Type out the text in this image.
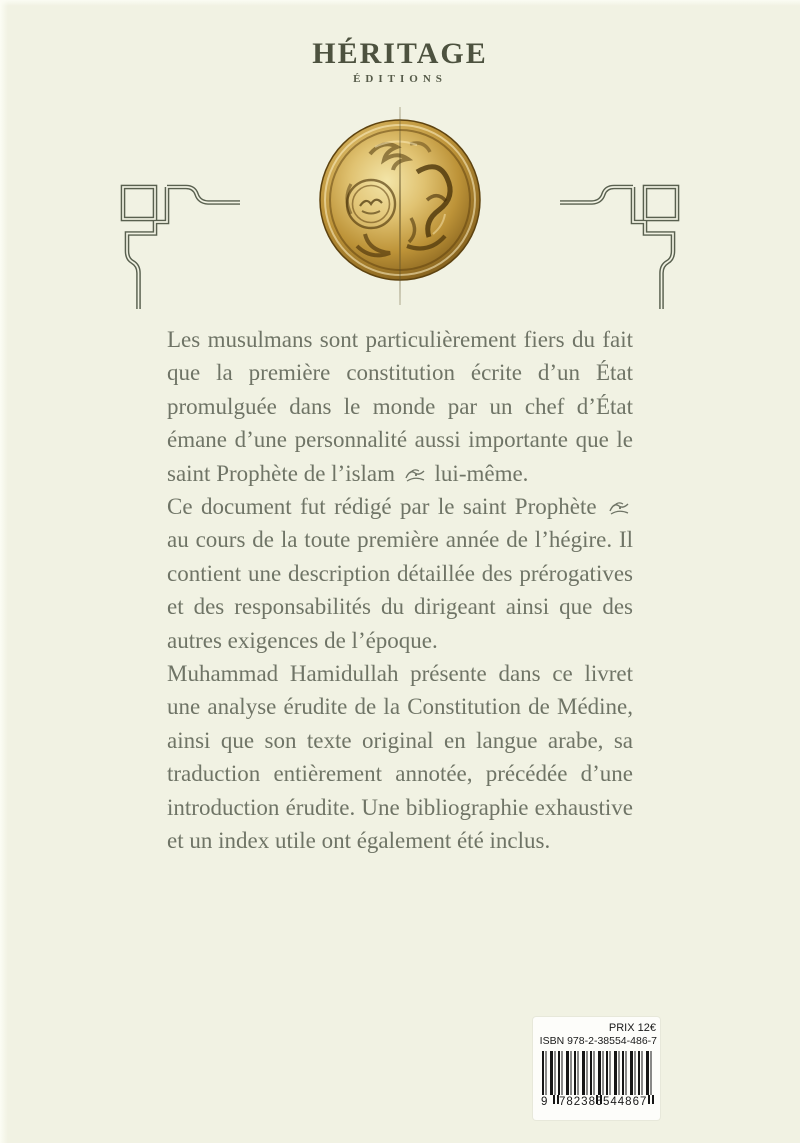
HÉRITAGE
ÉDITIONS

Les musulmans sont particulièrement fiers du fait que la première constitution écrite d’un État promulguée dans le monde par un chef d’État émane d’une personnalité aussi importante que le saint Prophète de l’islam lui-même.

Ce document fut rédigé par le saint Prophète
au cours de la toute première année de l’hégire. Il contient une description détaillée des prérogatives et des responsabilités du dirigeant ainsi que des autres exigences de l’époque.

Muhammad Hamidullah présente dans ce livret une analyse érudite de la Constitution de Médine, ainsi que son texte original en langue arabe, sa traduction entièrement annotée, précédée d’une introduction érudite. Une bibliographie exhaustive et un index utile ont également été inclus.

PRIX 12€
ISBN 978-2-38554-486-7
9 782385 544867
